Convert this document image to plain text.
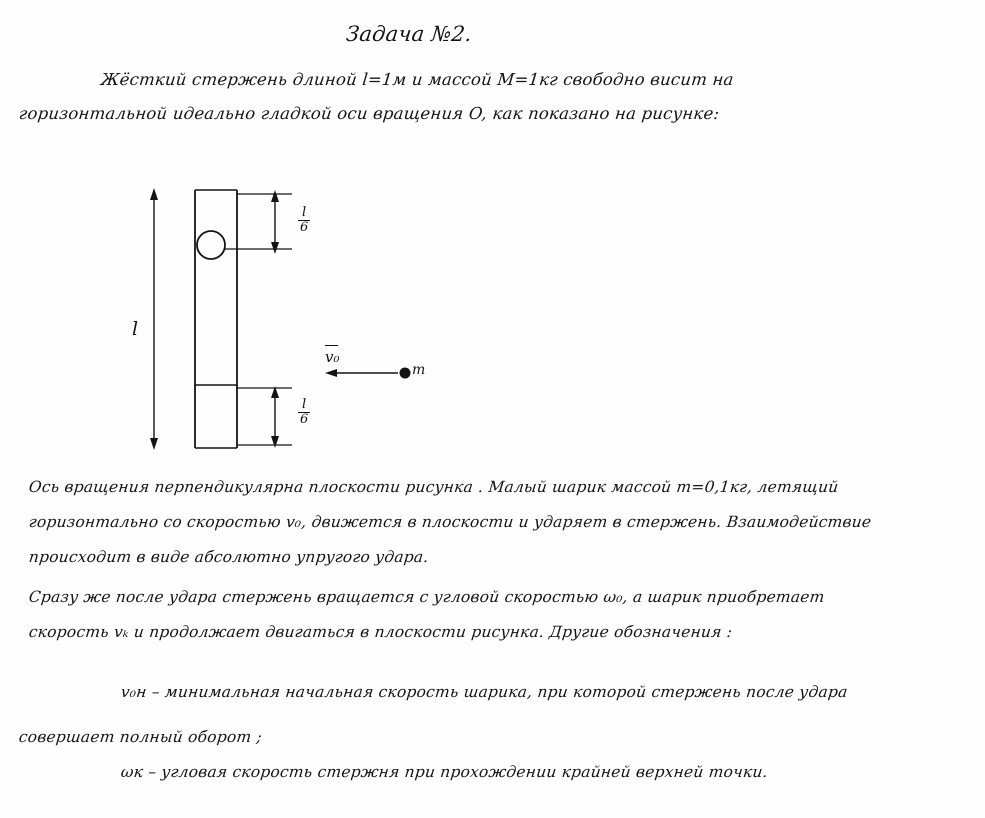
Задача №2.
Жёсткий стержень длиной l=1м и массой M=1кг свободно висит на
горизонтальной идеально гладкой оси вращения O, как показано на рисунке:
l
m
v₀
$\frac{l}{6}$
$\frac{l}{6}$
Ось вращения перпендикулярна плоскости рисунка . Малый шарик массой m=0,1кг, летящий
горизонтально со скоростью v₀, движется в плоскости и ударяет в стержень. Взаимодействие
происходит в виде абсолютно упругого удара.
Сразу же после удара стержень вращается с угловой скоростью ω₀, а шарик приобретает
скорость vₖ и продолжает двигаться в плоскости рисунка. Другие обозначения :
v₀н – минимальная начальная скорость шарика, при которой стержень после удара
совершает полный оборот ;
ωк – угловая скорость стержня при прохождении крайней верхней точки.
